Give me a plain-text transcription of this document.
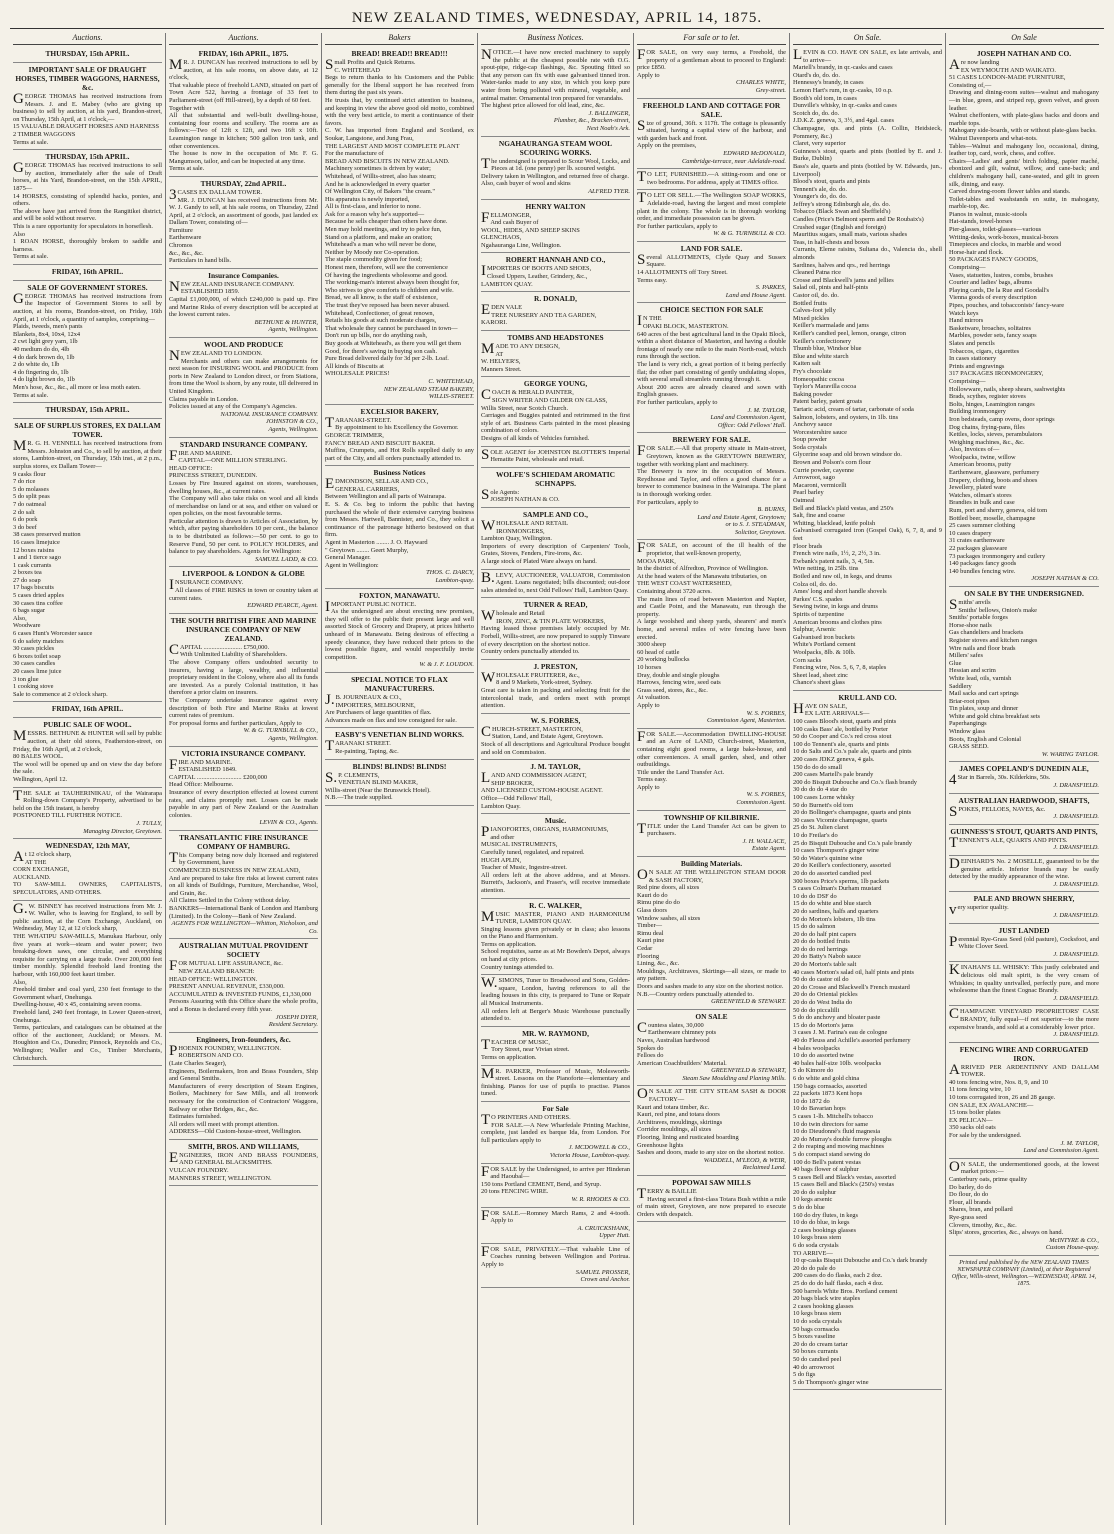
NEW ZEALAND TIMES, WEDNESDAY, APRIL 14, 1875.
Auctions.
THURSDAY, 15th APRIL.
IMPORTANT SALE OF DRAUGHT HORSES, TIMBER WAGGONS, HARNESS, &c.
GEORGE THOMAS has received instructions from Messrs. J. and E. Mabey (who are giving up business) to sell by auction, at his yard, Brandon-street, on Thursday, 15th April, at 1 o'clock,—
15 VALUABLE DRAUGHT HORSES AND HARNESS
2 TIMBER WAGGONS
Terms at sale.
THURSDAY, 15th APRIL.
GEORGE THOMAS has received instructions to sell by auction, immediately after the sale of Draft horses, at his Yard, Brandon-street, on the 15th APRIL, 1875—
14 HORSES, consisting of splendid hacks, ponies, and others.
The above have just arrived from the Rangitikei district, and will be sold without reserve.
This is a rare opportunity for speculators in horseflesh.
Also
1 ROAN HORSE, thoroughly broken to saddle and harness.
Terms at sale.
FRIDAY, 16th APRIL.
SALE OF GOVERNMENT STORES.
GEORGE THOMAS has received instructions from the Inspector of Government Stores to sell by auction, at his rooms, Brandon-street, on Friday, 16th April, at 1 o'clock, a quantity of samples, comprising—
Plaids, tweeds, men's pants
Blankets, 8x4, 10x4, 12x4
2 cwt light grey yarn, 1lb
40 medium do do, 4lb
4 do dark brown do, 1lb
2 do white do, 1lb
4 do fingering do, 1lb
4 do light brown do, 1lb
Men's hose, &c., &c., all more or less moth eaten.
Terms at sale.
THURSDAY, 15th APRIL.
SALE OF SURPLUS STORES, EX DALLAM TOWER.
MR. G. H. VENNELL has received instructions from Messrs. Johnston and Co., to sell by auction, at their stores, Lambton-street, on Thursday, 15th inst., at 2 p.m., surplus stores, ex Dallam Tower—
9 casks flour
7 do rice
5 do molasses
5 do split peas
7 do oatmeal
2 do salt
6 do pork
3 do beef
38 cases preserved mutton
16 cases limejuice
12 boxes raisins
1 and 1 tierce sago
1 cask currants
2 boxes tea
27 do soap
17 bags biscuits
5 cases dried apples
30 cases tins coffee
6 bags sugar
Also,
Woodware
6 cases Hunt's Worcester sauce
6 do safety matches
30 cases pickles
6 boxes toilet soap
30 cases candles
20 cases lime juice
3 ton glue
1 cooking stove
Sale to commence at 2 o'clock sharp.
FRIDAY, 16th APRIL.
PUBLIC SALE OF WOOL.
MESSRS. BETHUNE & HUNTER will sell by public auction, at their old stores, Featherston-street, on Friday, the 16th April, at 2 o'clock,
80 BALES WOOL.
The wool will be opened up and on view the day before the sale.
Wellington, April 12.
THE SALE at TAUHERINIKAU, of the Wairarapa Rolling-down Company's Property, advertised to be held on the 15th instant, is hereby
POSTPONED TILL FURTHER NOTICE.
J. TULLY,
Managing Director, Greytown.
WEDNESDAY, 12th MAY,
At 12 o'clock sharp,
AT THE
CORN EXCHANGE,
AUCKLAND.
TO SAW-MILL OWNERS, CAPITALISTS, SPECULATORS, AND OTHERS.
G.W. BINNEY has received instructions from Mr. J. W. Waller, who is leaving for England, to sell by public auction, at the Corn Exchange, Auckland, on Wednesday, May 12, at 12 o'clock sharp,
THE WHATIPU SAW-MILLS, Manukau Harbour, only five years at work—steam and water power; two breaking-down saws, one circular, and everything requisite for carrying on a large trade. Over 200,000 feet timber monthly. Splendid freehold land fronting the harbour, with 160,000 feet kauri timber.
Also,
Freehold timber and coal yard, 230 feet frontage to the Government wharf, Onehunga.
Dwelling-house, 40 x 45, containing seven rooms.
Freehold land, 240 feet frontage, in Lower Queen-street, Onehunga.
Terms, particulars, and catalogues can be obtained at the office of the auctioneer, Auckland; or Messrs. M. Houghton and Co., Dunedin; Pinnock, Reynolds and Co., Wellington; Waller and Co., Timber Merchants, Christchurch.
Auctions.
FRIDAY, 16th APRIL, 1875.
MR. J. DUNCAN has received instructions to sell by auction, at his sale rooms, on above date, at 12 o'clock,
That valuable piece of freehold LAND, situated on part of Town Acre 522, having a frontage of 33 feet to Parliament-street (off Hill-street), by a depth of 60 feet.
Together with
All that substantial and well-built dwelling-house, containing four rooms and scullery. The rooms are as follows:—Two of 12ft x 12ft, and two 16ft x 10ft. Leamington range in kitchen; 500 gallon iron tank, and other conveniences.
The house is now in the occupation of Mr. F. G. Mangumson, tailor, and can be inspected at any time.
Terms at sale.
THURSDAY, 22nd APRIL.
3CASES EX DALLAM TOWER.
MR. J. DUNCAN has received instructions from Mr. W. J. Gandy to sell, at his sale rooms, on Thursday, 22nd April, at 2 o'clock, an assortment of goods, just landed ex Dallam Tower, consisting of—
Furniture
Earthenware
Chromos
&c., &c., &c.
Particulars in hand bills.
Insurance Companies.
NEW ZEALAND INSURANCE COMPANY.
ESTABLISHED 1859.
Capital £1,000,000, of which £240,000 is paid up. Fire and Marine Risks of every description will be accepted at the lowest current rates.
BETHUNE & HUNTER,
Agents, Wellington.
WOOL AND PRODUCE
NEW ZEALAND TO LONDON.
Merchants and others can make arrangements for next season for INSURING WOOL and PRODUCE from ports in New Zealand to London direct, or from Stations, from time the Wool is shorn, by any route, till delivered in United Kingdom.
Claims payable in London.
Policies issued at any of the Company's Agencies.
NATIONAL INSURANCE COMPANY.
JOHNSTON & CO.,
Agents, Wellington.
STANDARD INSURANCE COMPANY.
FIRE AND MARINE.
CAPITAL—ONE MILLION STERLING.
HEAD OFFICE:
PRINCESS STREET, DUNEDIN.
Losses by Fire Insured against on stores, warehouses, dwelling houses, &c., at current rates.
The Company will also take risks on wool and all kinds of merchandise on land or at sea, and either on valued or open policies, on the most favourable terms.
Particular attention is drawn to Articles of Association, by which, after paying shareholders 10 per cent., the balance is to be distributed as follows:—50 per cent. to go to Reserve Fund, 50 per cent. to POLICY HOLDERS, and balance to pay shareholders. Agents for Wellington:
SAMUEL LADD, & CO.
LIVERPOOL & LONDON & GLOBE
INSURANCE COMPANY.
All classes of FIRE RISKS in town or country taken at current rates.
EDWARD PEARCE, Agent.
THE SOUTH BRITISH FIRE AND MARINE INSURANCE COMPANY OF NEW ZEALAND.
CAPITAL ........................ £750,000.
With Unlimited Liability of Shareholders.
The above Company offers undoubted security to insurers, having a large, wealthy, and influential proprietary resident in the Colony, where also all its funds are invested. As a purely Colonial institution, it has therefore a prior claim on insurers.
The Company undertake insurance against every description of both Fire and Marine Risks at lowest current rates of premium.
For proposal forms and further particulars, Apply to
W. & G. TURNBULL & CO.,
Agents, Wellington.
VICTORIA INSURANCE COMPANY.
FIRE AND MARINE.
ESTABLISHED 1849.
CAPITAL ............................ £200,000
Head Office: Melbourne.
Insurance of every description effected at lowest current rates, and claims promptly met. Losses can be made payable in any part of New Zealand or the Australian colonies.
LEVIN & CO., Agents.
TRANSATLANTIC FIRE INSURANCE COMPANY OF HAMBURG.
This Company being now duly licensed and registered by Government, have
COMMENCED BUSINESS IN NEW ZEALAND,
And are prepared to take fire risks at lowest current rates on all kinds of Buildings, Furniture, Merchandise, Wool, and Grain, &c.
All Claims Settled in the Colony without delay.
BANKERS—International Bank of London and Hamburg (Limited). In the Colony—Bank of New Zealand.
AGENTS FOR WELLINGTON—Whitton, Nicholson, and Co.
AUSTRALIAN MUTUAL PROVIDENT SOCIETY
FOR MUTUAL LIFE ASSURANCE, &c.
NEW ZEALAND BRANCH:
HEAD OFFICE: WELLINGTON.
PRESENT ANNUAL REVENUE, £330,000.
ACCUMULATED & INVESTED FUNDS, £1,330,000
Persons Assuring with this Office share the whole profits, and a Bonus is declared every fifth year.
JOSEPH DYER,
Resident Secretary.
Engineers, Iron-founders, &c.
PHOENIX FOUNDRY, WELLINGTON.
ROBERTSON AND CO.
(Late Charles Seager),
Engineers, Boilermakers, Iron and Brass Founders, Ship and General Smiths.
Manufacturers of every description of Steam Engines, Boilers, Machinery for Saw Mills, and all ironwork necessary for the construction of Contractors' Waggons, Railway or other Bridges, &c., &c.
Estimates furnished.
All orders will meet with prompt attention.
ADDRESS—Old Custom-house-street, Wellington.
SMITH, BROS. AND WILLIAMS,
ENGINEERS, IRON AND BRASS FOUNDERS, AND GENERAL BLACKSMITHS.
VULCAN FOUNDRY.
MANNERS STREET, WELLINGTON.
Bakers
BREAD! BREAD!! BREAD!!!
Small Profits and Quick Returns.
C. WHITEHEAD
Begs to return thanks to his Customers and the Public generally for the liberal support he has received from them during the past six years.
He trusts that, by continued strict attention to business, and keeping in view the above good old motto, combined with the very best article, to merit a continuance of their favors.
C. W. has imported from England and Scotland, ex Soukar, Langstone, and Jung Frau,
THE LARGEST AND MOST COMPLETE PLANT
For the manufacture of
BREAD AND BISCUITS IN NEW ZEALAND.
Machinery sometimes is driven by water;
Whitehead, of Willis-street, also has steam;
And he is acknowledged in every quarter
Of Wellington City, of Bakers "the cream."
His apparatus is newly imported,
All is first-class, and inferior to none.
Ask for a reason why he's supported—
Because he sells cheaper than others have done.
Men may hold meetings, and try to pelce fun,
Stand on a platform, and make an oration;
Whitehead's a man who will never be done,
Neither by Moody nor Co-operation.
The staple commodity given for food;
Honest men, therefore, will see the convenience
Of having the ingredients wholesome and good.
The working-man's interest always been thought for,
Who strives to give comforts to children and wife.
Bread, we all know, is the staff of existence,
The trust they've reposed has been never abused.
Whitehead, Confectioner, of great renown,
Retails his goods at such moderate charges,
That wholesale they cannot be purchased in town—
Don't run up bills, nor do anything rash,
Buy goods at Whitehead's, as there you will get them
Good, for there's saving in buying son cash.
Pure Bread delivered daily for 3d per 2-lb. Loaf.
All kinds of Biscuits at
WHOLESALE PRICES!
C. WHITEHEAD,
NEW ZEALAND STEAM BAKERY,
WILLIS-STREET.
EXCELSIOR BAKERY,
TARANAKI-STREET.
By appointment to his Excellency the Governor.
GEORGE TRIMMER,
FANCY BREAD AND BISCUIT BAKER.
Muffins, Crumpets, and Hot Rolls supplied daily to any part of the City, and all orders punctually attended to.
Business Notices
EDMONDSON, SELLAR AND CO.,
GENERAL CARRIERS,
Between Wellington and all parts of Wairarapa.
E. S. & Co. beg to inform the public that having purchased the whole of their extensive carrying business from Messrs. Hartwell, Bannister, and Co., they solicit a continuance of the patronage hitherto bestowed on that firm.
Agent in Masterton ........ J. O. Hayward
" Greytown ........ Geert Murphy,
General Manager.
Agent in Wellington:
THOS. C. DARCY,
Lambton-quay.
FOXTON, MANAWATU.
IMPORTANT PUBLIC NOTICE.
As the undersigned are about erecting new premises, they will offer to the public their present large and well assorted Stock of Grocery and Drapery, at prices hitherto unheard of in Manawatu. Being desirous of effecting a speedy clearance, they have reduced their prices to the lowest possible figure, and would respectfully invite competition.
W. & J. F. LOUDON.
SPECIAL NOTICE TO FLAX MANUFACTURERS.
J.B. JOURNEAUX & CO.,
IMPORTERS, MELBOURNE,
Are Purchasers of large quantities of flax.
Advances made on flax and tow consigned for sale.
EASBY'S VENETIAN BLIND WORKS.
TARANAKI STREET.
Re-painting, Taping, &c.
BLINDS! BLINDS! BLINDS!
S.P. CLEMENTS,
VENETIAN BLIND MAKER,
Willis-street (Near the Brunswick Hotel).
N.B.—The trade supplied.
Business Notices.
NOTICE.—I have now erected machinery to supply the public at the cheapest possible rate with O.G. spout-pipe, ridge-cap flashings, &c. Spouting fitted so that any person can fix with ease galvanised tinned iron. Water-tanks made to any size, in which you keep pure water from being polluted with mineral, vegetable, and animal matter. Ornamental iron prepared for verandahs.
The highest price allowed for old lead, zinc, &c.
J. BALLINGER,
Plumber, &c., Bracken-street,
Next Noah's Ark.
NGAHAURANGA STEAM WOOL SCOURING WORKS.
The undersigned is prepared to Scour Wool, Locks, and Pieces at 1d. (one penny) per lb. scoured weight.
Delivery taken in Wellington, and returned free of charge.
Also, cash buyer of wool and skins
ALFRED TYER.
HENRY WALTON
FELLMONGER,
And cash Buyer of
WOOL, HIDES, AND SHEEP SKINS
GLENCHAOS,
Ngahauranga Line, Wellington.
ROBERT HANNAH AND CO.,
IMPORTERS OF BOOTS AND SHOES,
Closed Uppers, Leather, Grindery, &c.,
LAMBTON QUAY.
R. DONALD,
EDEN VALE
TREE NURSERY AND TEA GARDEN,
KARORI.
TOMBS AND HEADSTONES
MADE TO ANY DESIGN,
AT
W. HELYER'S,
Manners Street.
GEORGE YOUNG,
COACH & HERALD PAINTER,
SIGN WRITER AND GILDER ON GLASS,
Willis Street, near Scotch Church.
Carriages and Buggies painted and retrimmed in the first style of art. Business Carts painted in the most pleasing combination of colors.
Designs of all kinds of Vehicles furnished.
SOLE AGENT for JOHNSTON BLOTTER'S Imperial Hematite Paint, wholesale and retail.
WOLFE'S SCHIEDAM AROMATIC SCHNAPPS.
Sole Agents:
JOSEPH NATHAN & CO.
SAMPLE AND CO.,
WHOLESALE AND RETAIL
IRONMONGERS,
Lambton Quay, Wellington.
Importers of every description of Carpenters' Tools, Grates, Stoves, Fenders, Fire-irons, &c.
A large stock of Plated Ware always on hand.
B.LEVY, AUCTIONEER, VALUATOR, Commission Agent. Loans negotiated; bills discounted; out-door sales attended to, next Odd Fellows' Hall, Lambton Quay.
TURNER & READ,
Wholesale and Retail
IRON, ZINC, & TIN PLATE WORKERS,
Having leased those premises lately occupied by Mr. Forbell, Willis-street, are now prepared to supply Tinware of every description on the shortest notice.
Country orders punctually attended to.
J. PRESTON,
WHOLESALE FRUITERER, &c.,
8 and 9 Markets, York-street, Sydney.
Great care is taken in packing and selecting fruit for the intercolonial trade, and orders meet with prompt attention.
W. S. FORBES,
CHURCH-STREET, MASTERTON,
Station, Land, and Estate Agent, Greytown.
Stock of all descriptions and Agricultural Produce bought and sold on Commission.
J. M. TAYLOR,
LAND AND COMMISSION AGENT,
SHIP BROKER,
AND LICENSED CUSTOM-HOUSE AGENT.
Office—Odd Fellows' Hall,
Lambton Quay.
Music.
PIANOFORTES, ORGANS, HARMONIUMS,
and other
MUSICAL INSTRUMENTS,
Carefully tuned, regulated, and repaired.
HUGH APLIN,
Teacher of Music, Ingestre-street.
All orders left at the above address, and at Messrs. Burrett's, Jackson's, and Fraser's, will receive immediate attention.
R. C. WALKER,
MUSIC MASTER, PIANO AND HARMONIUM TUNER, LAMBTON QUAY.
Singing lessons given privately or in class; also lessons on the Piano and Harmonium.
Terms on application.
School requisites, same as at Mr Bowden's Depot, always on hand at city prices.
Country tunings attended to.
W.SIMONS, Tuner to Broadwood and Sons, Golden-square, London, having references to all the leading houses in this city, is prepared to Tune or Repair all Musical Instruments.
All orders left at Berger's Music Warehouse punctually attended to.
MR. W. RAYMOND,
TEACHER OF MUSIC,
Tory Street, near Vivian street.
Terms on application.
MR. PARKER, Professor of Music, Molesworth-street. Lessons on the Pianoforte—elementary and finishing. Pianos for use of pupils to practise. Pianos tuned.
For Sale
TO PRINTERS AND OTHERS.
FOR SALE.—A New Wharfedale Printing Machine, complete, just landed ex barque Ida, from London. For full particulars apply to
J. MCDOWELL & CO.,
Victoria House, Lambton-quay.
FOR SALE by the Undersigned, to arrive per Hinderan and Haoubal—
150 tons Portland CEMENT, Bend, and Syrup.
20 tons FENCING WIRE.
W. R. RHODES & CO.
FOR SALE.—Romney March Rams, 2 and 4-tooth. Apply to
A. CRUICKSHANK,
Upper Hutt.
FOR SALE, PRIVATELY.—That valuable Line of Coaches running between Wellington and Porirua. Apply to
SAMUEL PROSSER,
Crown and Anchor.
For sale or to let.
FOR SALE, on very easy terms, a Freehold, the property of a gentleman about to proceed to England: price £850.
Apply to
CHARLES WHITE,
Grey-street.
FREEHOLD LAND AND COTTAGE FOR SALE.
Size of ground, 36ft. x 117ft. The cottage is pleasantly situated, having a capital view of the harbour, and with garden back and front.
Apply on the premises,
EDWARD McDONALD,
Cambridge-terrace, near Adelaide-road.
TO LET, FURNISHED.—A sitting-room and one or two bedrooms. For address, apply at TIMES office.
TO LET OR SELL.—The Wellington SOAP WORKS, Adelaide-road, having the largest and most complete plant in the colony. The whole is in thorough working order, and immediate possession can be given.
For further particulars, apply to
W. & G. TURNBULL & CO.
LAND FOR SALE.
Several ALLOTMENTS, Clyde Quay and Sussex Square.
14 ALLOTMENTS off Tory Street.
Terms easy.
S. PARKES,
Land and House Agent.
CHOICE SECTION FOR SALE
IN THE
OPAKI BLOCK, MASTERTON.
640 acres of the best agricultural land in the Opaki Block, within a short distance of Masterton, and having a double frontage of nearly one mile to the main North-road, which runs through the section.
The land is very rich, a great portion of it being perfectly flat; the other part consisting of gently undulating slopes, with several small streamlets running through it.
About 200 acres are already cleared and sown with English grasses.
For further particulars, apply to
J. M. TAYLOR,
Land and Commission Agent,
Office: Odd Fellows' Hall.
BREWERY FOR SALE.
FOR SALE.—All that property situate in Main-street, Greytown, known as the GREYTOWN BREWERY, together with working plant and machinery.
The Brewery is now in the occupation of Messrs. Reydhouse and Taylor, and offers a good chance for a brewer to commence business in the Wairarapa. The plant is in thorough working order.
For particulars, apply to
B. BURNS,
Land and Estate Agent, Greytown;
or to S. J. STEADMAN,
Solicitor, Greytown.
FOR SALE, on account of the ill health of the proprietor, that well-known property,
MOOA PARK,
In the district of Alfredton, Province of Wellington.
At the head waters of the Manawatu tributaries, on
THE WEST COAST WATERSHED,
Containing about 3720 acres.
The main lines of road between Masterton and Napier, and Castle Point, and the Manawatu, run through the property.
A large woolshed and sheep yards, shearers' and men's home, and several miles of wire fencing have been erected.
3000 sheep
60 head of cattle
20 working bullocks
10 horses
Dray, double and single ploughs
Harrows, fencing wire, seed oats
Grass seed, stores, &c., &c.
At valuation.
Apply to
W. S. FORBES,
Commission Agent, Masterton.
FOR SALE.—Accommodation DWELLING-HOUSE and an Acre of LAND, Church-street, Masterton, containing eight good rooms, a large bake-house, and other conveniences. A small garden, shed, and other outbuildings.
Title under the Land Transfer Act.
Terms easy.
Apply to
W. S. FORBES,
Commission Agent.
TOWNSHIP OF KILBIRNIE.
TITLE under the Land Transfer Act can be given to purchasers.
J. H. WALLACE,
Estate Agent.
Building Materials.
ON SALE AT THE WELLINGTON STEAM DOOR & SASH FACTORY,
Red pine doors, all sizes
Kauri do do
Rimu pine do do
Glass doors
Window sashes, all sizes
Timber—
Rimu deal
Kauri pine
Cedar
Flooring
Lining, &c., &c.
Mouldings, Architraves, Skirtings—all sizes, or made to any pattern.
Doors and sashes made to any size on the shortest notice.
N.B.—Country orders punctually attended to.
GREENFIELD & STEWART.
ON SALE
Countess slates, 30,000
Earthenware chimney pots
Naves, Australian hardwood
Spokes do
Felloes do
American Coachbuilders' Material.
GREENFIELD & STEWART,
Steam Saw Moulding and Planing Mills.
ON SALE AT THE CITY STEAM SASH & DOOR FACTORY—
Kauri and totara timber, &c.
Kauri, red pine, and totara doors
Architraves, mouldings, skirtings
Corridor mouldings, all sizes
Flooring, lining and rusticated boarding
Greenhouse lights
Sashes and doors, made to any size on the shortest notice.
WADDELL, M'LEOD, & WEIR,
Reclaimed Land.
POPOWAI SAW MILLS
TERRY & BAILLIE
Having secured a first-class Totara Bush within a mile of main street, Greytown, are now prepared to execute Orders with despatch.
On Sale.
LEVIN & CO. HAVE ON SALE, ex late arrivals, and to arrive—
Martell's brandy, in qr.-casks and cases
Otard's do, do. do.
Hennessy's brandy, in cases
Lemon Hart's rum, in qr.-casks, 10 o.p.
Booth's old tom, in cases
Dunville's whisky, in qr.-casks and cases
Scotch do, do. do.
J.D.K.Z. geneva, 3, 3½, and 4gal. cases
Champagne, qts. and pints (A. Collin, Heidsieck, Pommery, &c.)
Claret, very superior
Guinness's stout, quarts and pints (bottled by E. and J. Burke, Dublin)
Bass's ale, quarts and pints (bottled by W. Edwards, jun., Liverpool)
Blood's stout, quarts and pints
Tennent's ale, do. do.
Younger's do, do. do.
Jeffrey's strong Edinburgh ale, do. do.
Tobacco (Black Swan and Sheffield's)
Candles (Price's Belmont sperm and De Roubaix's)
Crushed sugar (English and foreign)
Mauritius sugars, small mats, various shades
Teas, in half-chests and boxes
Currants, Eleme raisins, Sultana do., Valencia do., shell almonds
Sardines, halves and qrs., red herrings
Cleaned Patna rice
Crosse and Blackwell's jams and jellies
Salad oil, pints and half-pints
Castor oil, do. do.
Bottled fruits
Calves-foot jelly
Mixed pickles
Keiller's marmalade and jams
Keiller's candied peel, lemon, orange, citron
Keiller's confectionery
Thumb blue, Windsor blue
Blue and white starch
Kaiten salt
Fry's chocolate
Homeopathic cocoa
Taylor's Maravilla cocoa
Baking powder
Patent barley, patent groats
Tartaric acid, cream of tartar, carbonate of soda
Salmon, lobsters, and oysters, in 1lb. tins
Anchovy sauce
Worcestershire sauce
Soup powder
Soda crystals
Glycerine soap and old brown windsor do.
Brown and Polson's corn flour
Currie powder, cayenne
Arrowroot, sago
Macaroni, vermicelli
Pearl barley
Oatmeal
Bell and Black's plaid vestas, and 250's
Salt, fine and coarse
Whiting, blacklead, knife polish
Galvanised corrugated iron (Gospel Oak), 6, 7, 8, and 9 feet
Floor brads
French wire nails, 1½, 2, 2½, 3 in.
Ewbank's patent nails, 3, 4, 5in.
Wire netting, in 25lb. tins
Boiled and raw oil, in kegs, and drums
Colza oil, do. do.
Ames' long and short handle shovels
Parkes' C.S. spades
Sewing twine, in kegs and drums
Spirits of turpentine
American brooms and clothes pins
Sulphur, Arsenic
Galvanised iron buckets
White's Portland cement
Woolpacks, 8lb. & 10lb.
Corn sacks
Fencing wire, Nos. 5, 6, 7, 8, staples
Sheet lead, sheet zinc
Chance's sheet glass
KRULL AND CO.
HAVE ON SALE,
EX LATE ARRIVALS—
100 cases Blood's stout, quarts and pints
100 casks Bass' ale, bottled by Porter
50 do Cooper and Co.'s red cross stout
100 do Tennent's ale, quarts and pints
10 do Salts and Co.'s pale ale, quarts and pints
200 cases JDKZ geneva, 4 gals.
150 do do do small
200 cases Martell's pale brandy
200 do Bisquit Dubouche and Co.'s flash brandy
30 do do do 4 star do
100 cases Lorne whisky
50 do Burnett's old tom
20 do Bollinger's champagne, quarts and pints
30 cases Vicomte champagne, quarts
25 do St. Julien claret
10 do Freilar's do
25 do Bisquit Dubouche and Co.'s pale brandy
10 cases Thompson's ginger wine
50 do Water's quinine wine
20 do Keiller's confectionery, assorted
20 do do assorted candied peel
300 boxes Price's sperms, 1lb packets
5 cases Colman's Durham mustard
10 do do DSF do
15 do do white and blue starch
20 do sardines, halfs and quarters
50 do Morton's lobsters, 1lb tins
15 do do salmon
20 do do half pint capers
20 do do bottled fruits
20 do do red herrings
20 do Batty's Nabob sauce
20 do Morton's table salt
40 cases Morton's salad oil, half pints and pints
50 do do castor oil do
20 do Crosse and Blackwell's French mustard
20 do do Oriental pickles
20 do do West India do
50 do do piccalilli
5 do do anchovy and bloater paste
15 do do Morton's jams
3 cases J. M. Farina's eau de cologne
40 do Fleuss and Achille's assorted perfumery
4 bales woolpacks
10 do do assorted twine
40 bales half-size 10lb. woolpacks
5 do Kimore do
6 do white and gold china
150 bags cornsacks, assorted
22 packets 1873 Kent hops
10 do 1872 do
10 do Bavarian hops
5 cases 1-lb. Mitchell's tobacco
10 do twin directors for same
10 do Dieudonné's fluid magnesia
20 do Murray's double furrow ploughs
2 do reaping and mowing machines
5 do compact stand sewing do
100 do Bell's patent vestas
40 bags flower of sulphur
5 cases Bell and Black's vestas, assorted
15 cases Bell and Black's (250's) vestas
20 do do sulphur
10 kegs arsenic
5 do do blue
160 do dry flutes, in kegs
10 do do blue, in kegs
2 cases bookings glasses
10 kegs brass stem
6 do soda crystals
TO ARRIVE—
10 qr-casks Bisquit Dubouche and Co.'s dark brandy
20 do do pale do
200 cases do do flasks, each 2 doz.
25 do do do half flasks, each 4 doz.
500 barrels White Bros. Portland cement
20 bags black wire staples
2 cases hooking glasses
10 kegs brass stem
10 do soda crystals
50 bags cornsacks
5 boxes vaseline
20 do do cream tartar
50 boxes currants
50 do candied peel
40 do arrowroot
5 do figs
5 do Thompson's ginger wine
On Sale
JOSEPH NATHAN AND CO.
Are now landing
EX WEYMOUTH AND WAIKATO.
51 CASES LONDON-MADE FURNITURE,
Consisting of,—
Drawing and dining-room suites—walnut and mahogany—in blue, green, and striped rep, green velvet, and green leather.
Walnut cheffoniers, with plate-glass backs and doors and marble tops.
Mahogany side-boards, with or without plate-glass backs.
Walnut Davenports and what-nots.
Tables—Walnut and mahogany loo, occasional, dining, leather top, card, work, chess, and coffee.
Chairs—Ladies' and gents' birch folding, papier maché, ebonized and gilt, walnut, willow, and cane-back; and children's mahogany hall, cane-seated, and gilt in green silk, dining, and easy.
Carved drawing-room flower tables and stands.
Toilet-tables and washstands en suite, in mahogany, marble-top, &c.
Pianos in walnut, music-stools
Hat-stands, towel-horses
Pier-glasses, toilet-glasses—various
Writing-desks, work-boxes, musical-boxes
Timepieces and clocks, in marble and wood
Horse-hair and flock.
50 PACKAGES FANCY GOODS,
Comprising—
Vases, statuettes, lustres, combs, brushes
Courier and ladies' bags, albums
Playing cards, De la Rue and Goodall's
Vienna goods of every description
Pipes, pouches, and tobacconists' fancy-ware
Watch keys
Hand mirrors
Basketware, broaches, solitaires
Marbles, powder sets, fancy soaps
Slates and pencils
Tobaccos, cigars, cigarettes
In cases stationery
Prints and engravings
317 PACKAGES IRONMONGERY,
Comprising—
Hollowware, nails, sheep shears, sashweights
Brads, scythes, register stoves
Bolts, hinges, Leamington ranges
Building ironmongery
Iron bedsteads, camp ovens, door springs
Dog chains, frying-pans, files
Kettles, locks, sieves, perambulators
Weighing machines, &c., &c.
Also, Invoices of—
Woolpacks, twine, willow
American brooms, putty
Earthenware, glassware, perfumery
Drapery, clothing, boots and shoes
Jewellery, plated ware
Watches, oilman's stores
Brandies in bulk and case
Rum, port and sherry, geneva, old tom
Bottled beer, moselle, champagne
25 cases summer clothing
10 cases drapery
31 crates earthenware
22 packages glassware
73 packages ironmongery and cutlery
140 packages fancy goods
140 bundles fencing wire.
JOSEPH NATHAN & CO.
ON SALE BY THE UNDERSIGNED.
Smiths' anvils
Smiths' bellows, Onion's make
Smiths' portable forges
Horse-shoe nails
Gas chandeliers and brackets
Register stoves and kitchen ranges
Wire nails and floor brads
Millers' safes
Glue
Hessian and scrim
White lead, oils, varnish
Saddlery
Mail sacks and cart springs
Briar-root pipes
Tin plates, soup and dinner
White and gold china breakfast sets
Paperhangings
Window glass
Boots, English and Colonial
GRASS SEED.
W. WARING TAYLOR.
JAMES COPELAND'S DUNEDIN ALE,
4Star in Barrels, 30s. Kilderkins, 50s.
J. DRANSFIELD.
AUSTRALIAN HARDWOOD, SHAFTS,
SPOKES, FELLOES, NAVES, &c.
J. DRANSFIELD.
GUINNESS'S STOUT, QUARTS AND PINTS,
TENNENT'S ALE, QUARTS AND PINTS.
J. DRANSFIELD.
DEINHARD'S No. 2 MOSELLE, guaranteed to be the genuine article. Inferior brands may be easily detected by the muddy appearance of the wine.
J. DRANSFIELD.
PALE AND BROWN SHERRY,
very superior quality.
J. DRANSFIELD.
JUST LANDED
Perennial Rye-Grass Seed (old pasture), Cocksfoot, and White Clover Seed.
J. DRANSFIELD.
KINAHAN'S LL WHISKY: This justly celebrated and delicious old malt spirit, is the very cream of Whiskies; in quality unrivalled, perfectly pure, and more wholesome than the finest Cognac Brandy.
J. DRANSFIELD.
CHAMPAGNE VINEYARD PROPRIETORS' CASE BRANDY, fully equal—if not superior—to the more expensive brands, and sold at a considerably lower price.
J. DRANSFIELD.
FENCING WIRE AND CORRUGATED IRON.
ARRIVED PER ARDENTINNY AND DALLAM TOWER.
40 tons fencing wire, Nos. 8, 9, and 10
11 tons fencing wire, 10
10 tons corrugated iron, 26 and 28 gauge.
ON SALE, EX AVALANCHE—
15 tons boiler plates
EX PELICAN—
350 sacks old oats
For sale by the undersigned.
J. M. TAYLOR,
Land and Commission Agent.
ON SALE, the undermentioned goods, at the lowest market prices:—
Canterbury oats, prime quality
Do barley, do do
Do flour, do do
Flour, all brands
Shares, bran, and pollard
Rye-grass seed
Clovers, timothy, &c., &c.
Slips' stores, groceries, &c., always on hand.
McINTYRE & CO.,
Custom House-quay.
Printed and published by the NEW ZEALAND TIMES NEWSPAPER COMPANY (Limited), at their Registered Office, Willis-street, Wellington.—WEDNESDAY, APRIL 14, 1875.
